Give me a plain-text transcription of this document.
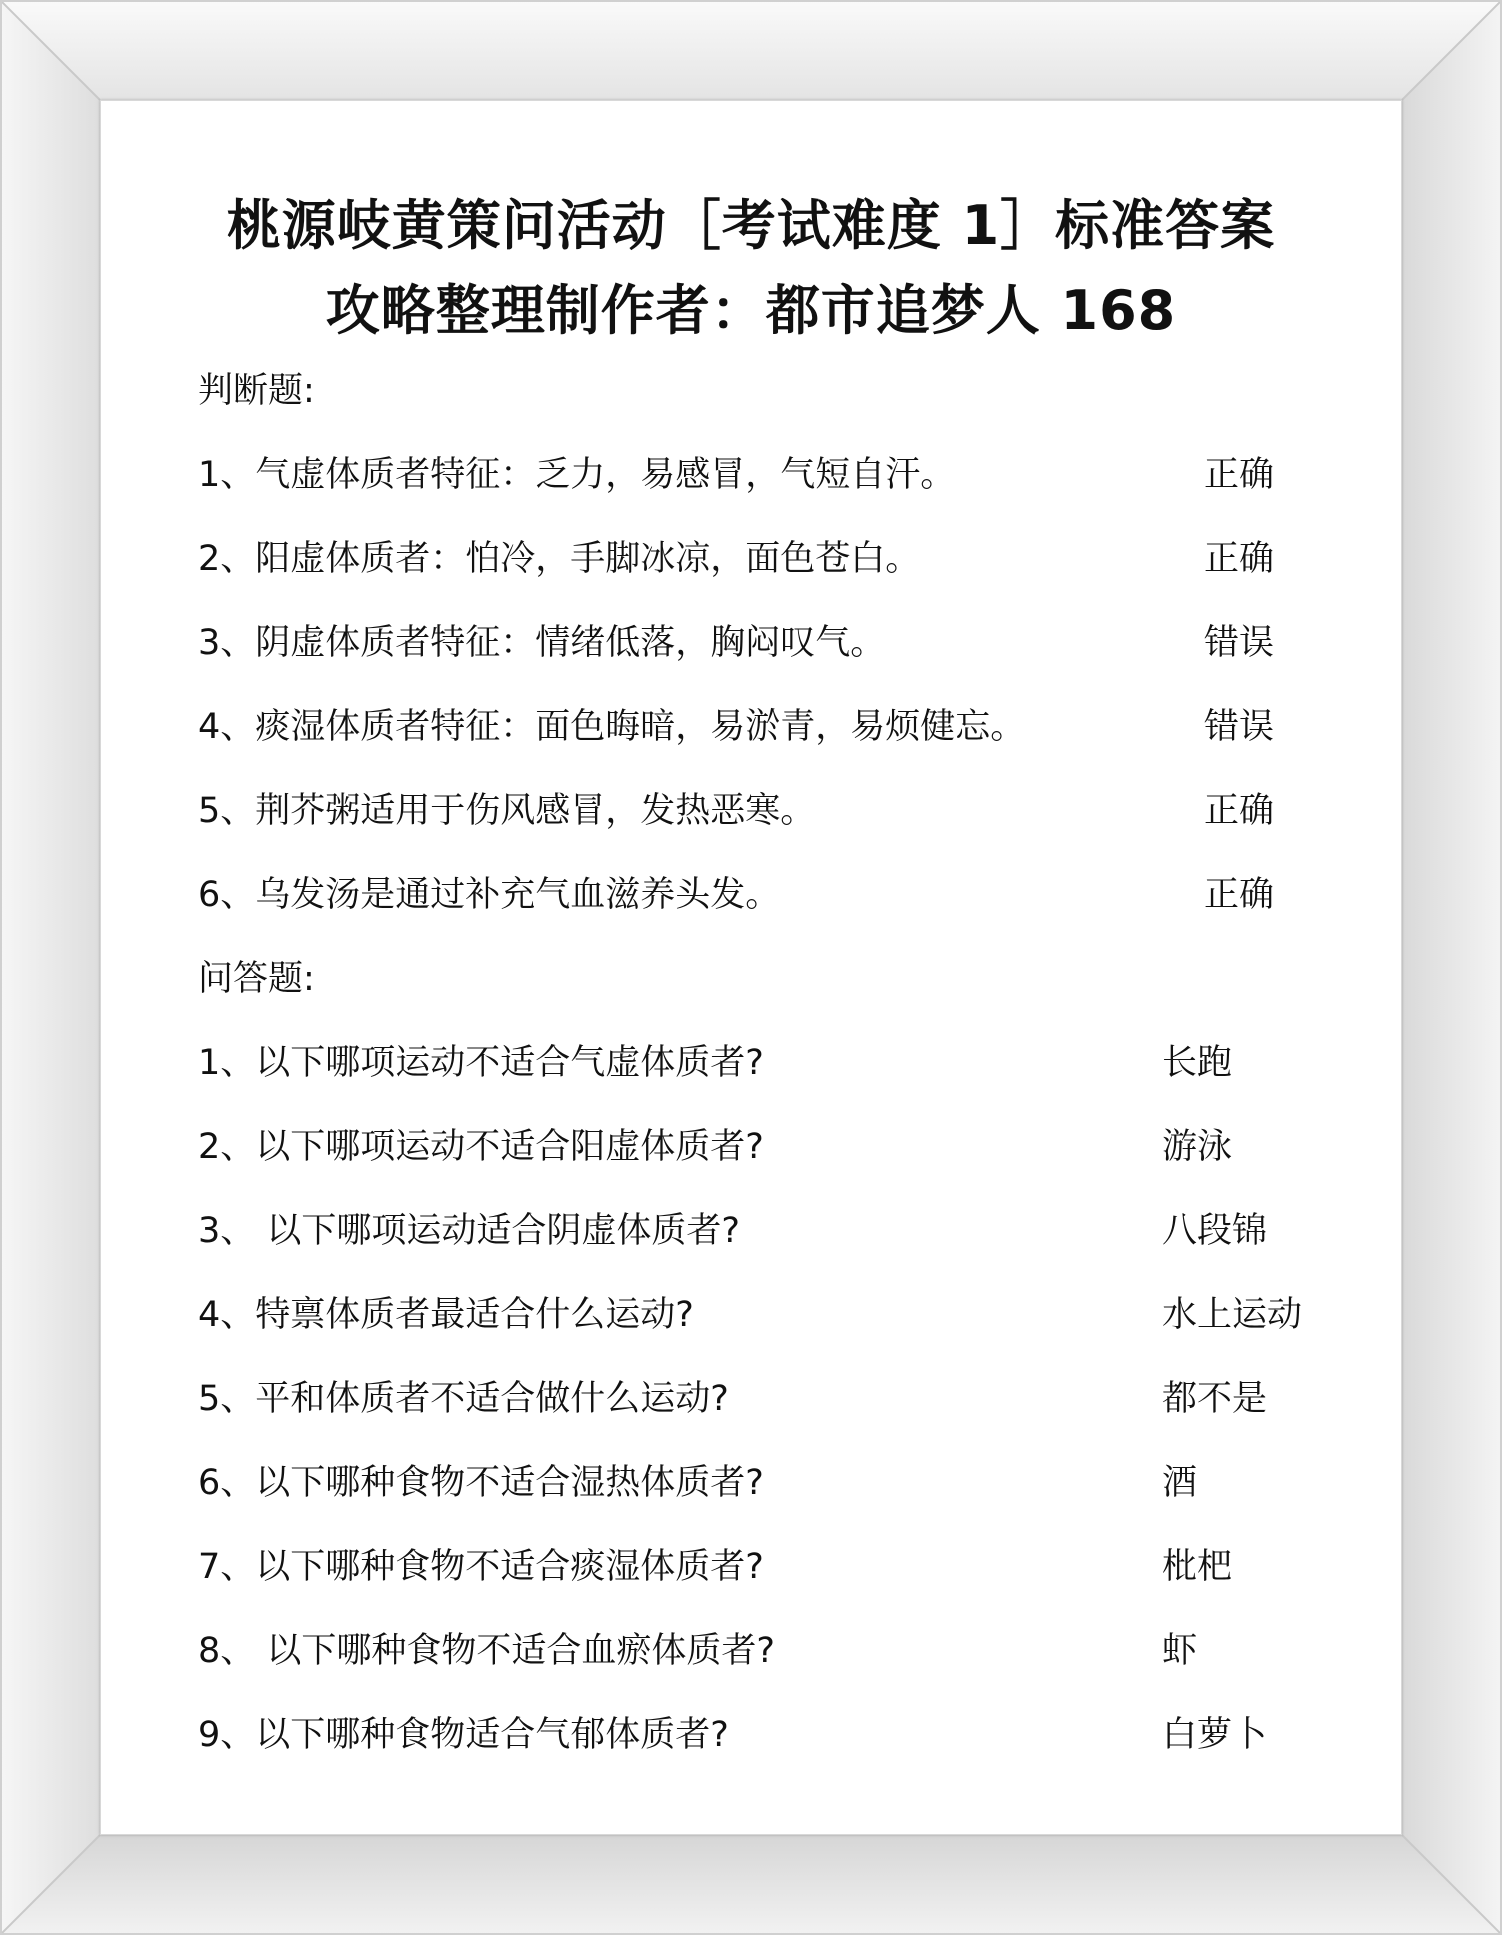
桃源岐黄策问活动［考试难度 1］标准答案
攻略整理制作者：都市追梦人 168
判断题:
1、气虚体质者特征：乏力，易感冒，气短自汗。	正确
2、阳虚体质者：怕冷，手脚冰凉，面色苍白。	正确
3、阴虚体质者特征：情绪低落，胸闷叹气。	错误
4、痰湿体质者特征：面色晦暗，易淤青，易烦健忘。	错误
5、荆芥粥适用于伤风感冒，发热恶寒。	正确
6、乌发汤是通过补充气血滋养头发。	正确
问答题:
1、以下哪项运动不适合气虚体质者?	长跑
2、以下哪项运动不适合阳虚体质者?	游泳
3、 以下哪项运动适合阴虚体质者?	八段锦
4、特禀体质者最适合什么运动?	水上运动
5、平和体质者不适合做什么运动?	都不是
6、以下哪种食物不适合湿热体质者?	酒
7、以下哪种食物不适合痰湿体质者?	枇杷
8、 以下哪种食物不适合血瘀体质者?	虾
9、以下哪种食物适合气郁体质者?	白萝卜
